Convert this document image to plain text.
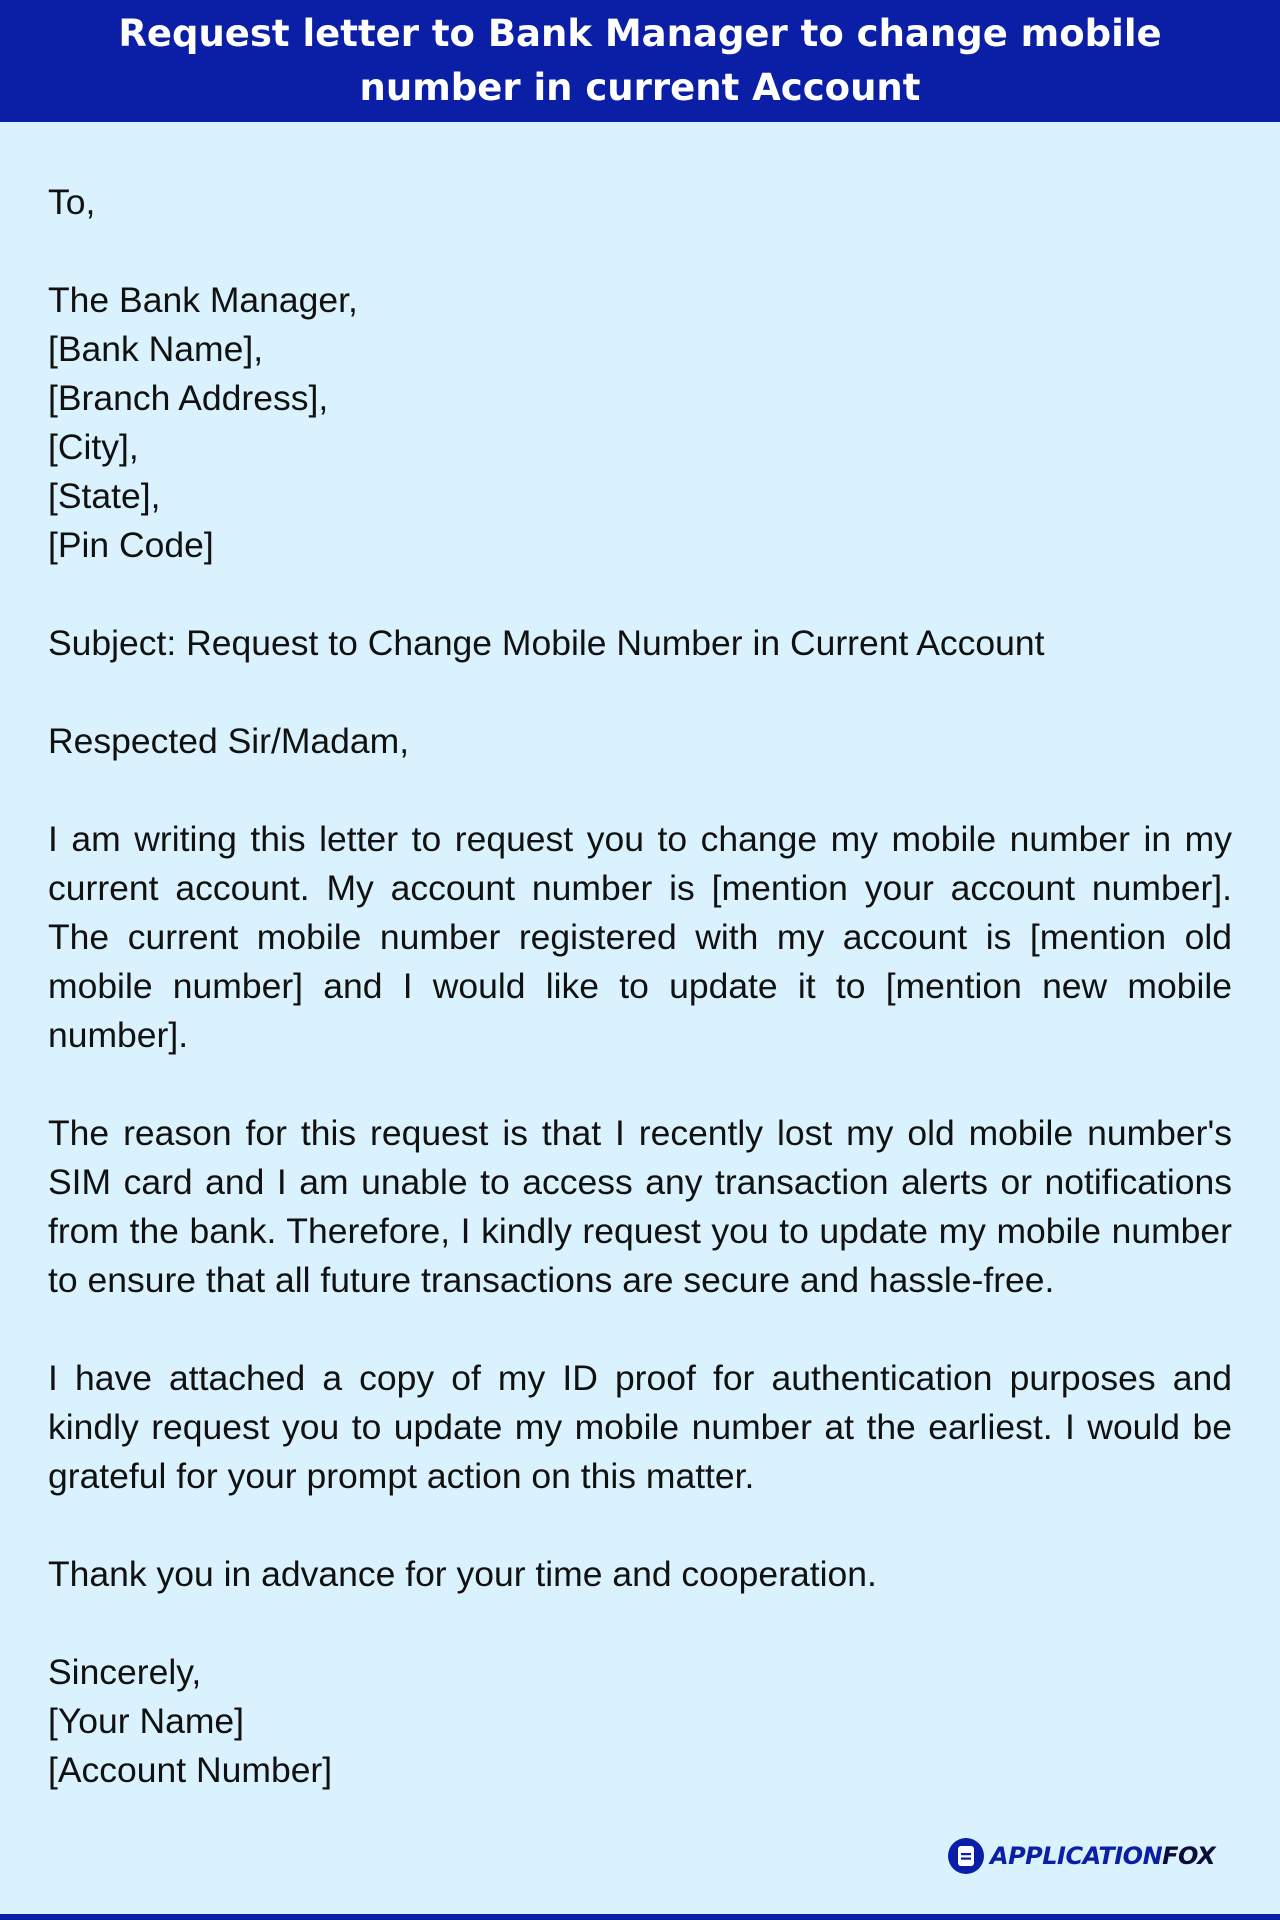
Request letter to Bank Manager to change mobile number in current Account

To,

The Bank Manager,
[Bank Name],
[Branch Address],
[City],
[State],
[Pin Code]

Subject: Request to Change Mobile Number in Current Account

Respected Sir/Madam,

I am writing this letter to request you to change my mobile number in my current account. My account number is [mention your account number]. The current mobile number registered with my account is [mention old mobile number] and I would like to update it to [mention new mobile number].

The reason for this request is that I recently lost my old mobile number's SIM card and I am unable to access any transaction alerts or notifications from the bank. Therefore, I kindly request you to update my mobile number to ensure that all future transactions are secure and hassle-free.

I have attached a copy of my ID proof for authentication purposes and kindly request you to update my mobile number at the earliest. I would be grateful for your prompt action on this matter.

Thank you in advance for your time and cooperation.

Sincerely,
[Your Name]
[Account Number]

APPLICATIONFOX
